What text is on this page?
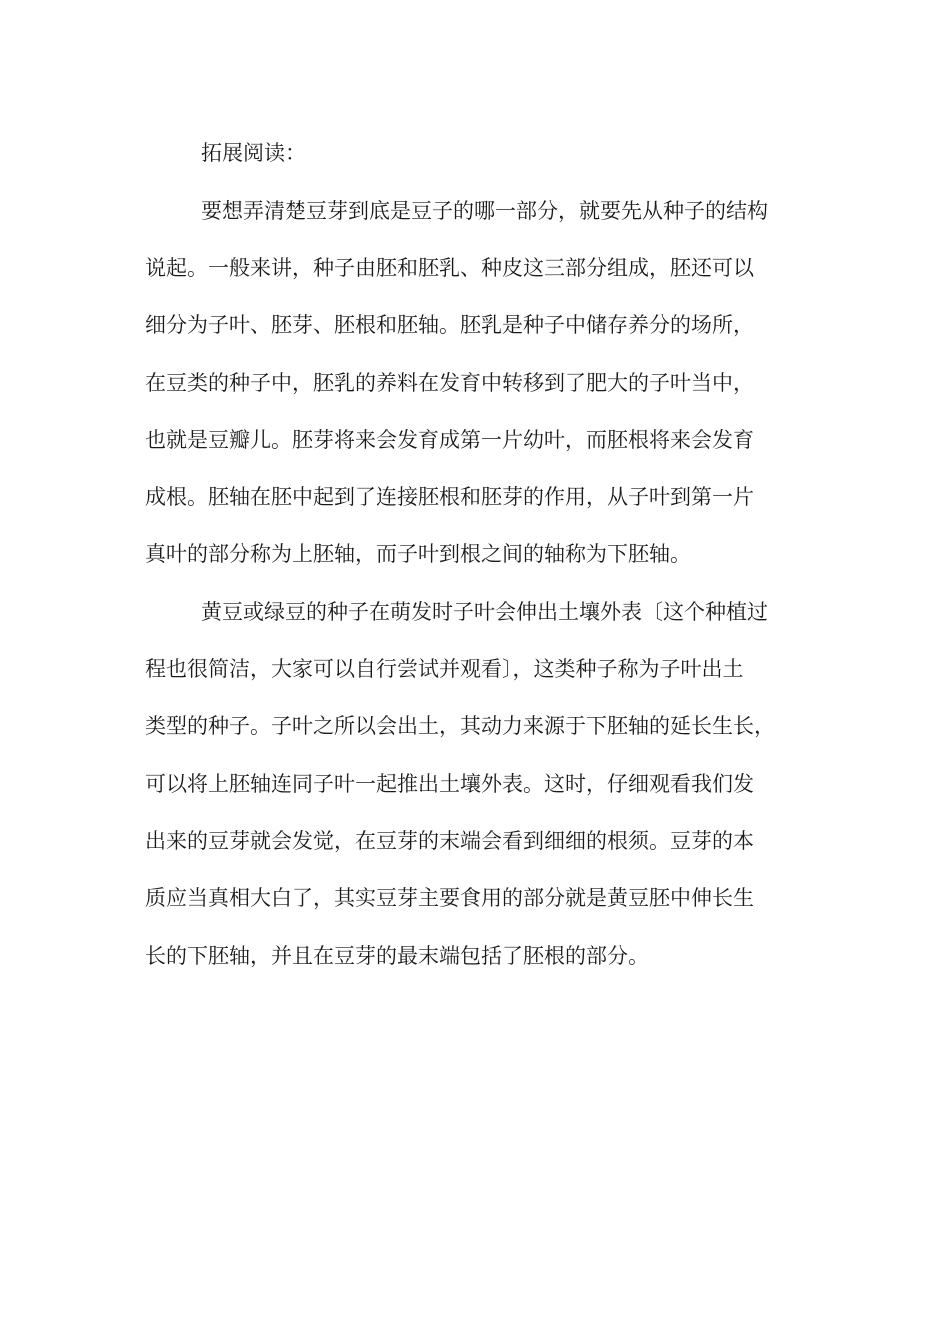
拓展阅读：
要想弄清楚豆芽到底是豆子的哪一部分，就要先从种子的结构
说起。一般来讲，种子由胚和胚乳、种皮这三部分组成，胚还可以
细分为子叶、胚芽、胚根和胚轴。胚乳是种子中储存养分的场所，
在豆类的种子中，胚乳的养料在发育中转移到了肥大的子叶当中，
也就是豆瓣儿。胚芽将来会发育成第一片幼叶，而胚根将来会发育
成根。胚轴在胚中起到了连接胚根和胚芽的作用，从子叶到第一片
真叶的部分称为上胚轴，而子叶到根之间的轴称为下胚轴。
黄豆或绿豆的种子在萌发时子叶会伸出土壤外表〔这个种植过
程也很简洁，大家可以自行尝试并观看〕，这类种子称为子叶出土
类型的种子。子叶之所以会出土，其动力来源于下胚轴的延长生长，
可以将上胚轴连同子叶一起推出土壤外表。这时，仔细观看我们发
出来的豆芽就会发觉，在豆芽的末端会看到细细的根须。豆芽的本
质应当真相大白了，其实豆芽主要食用的部分就是黄豆胚中伸长生
长的下胚轴，并且在豆芽的最末端包括了胚根的部分。
